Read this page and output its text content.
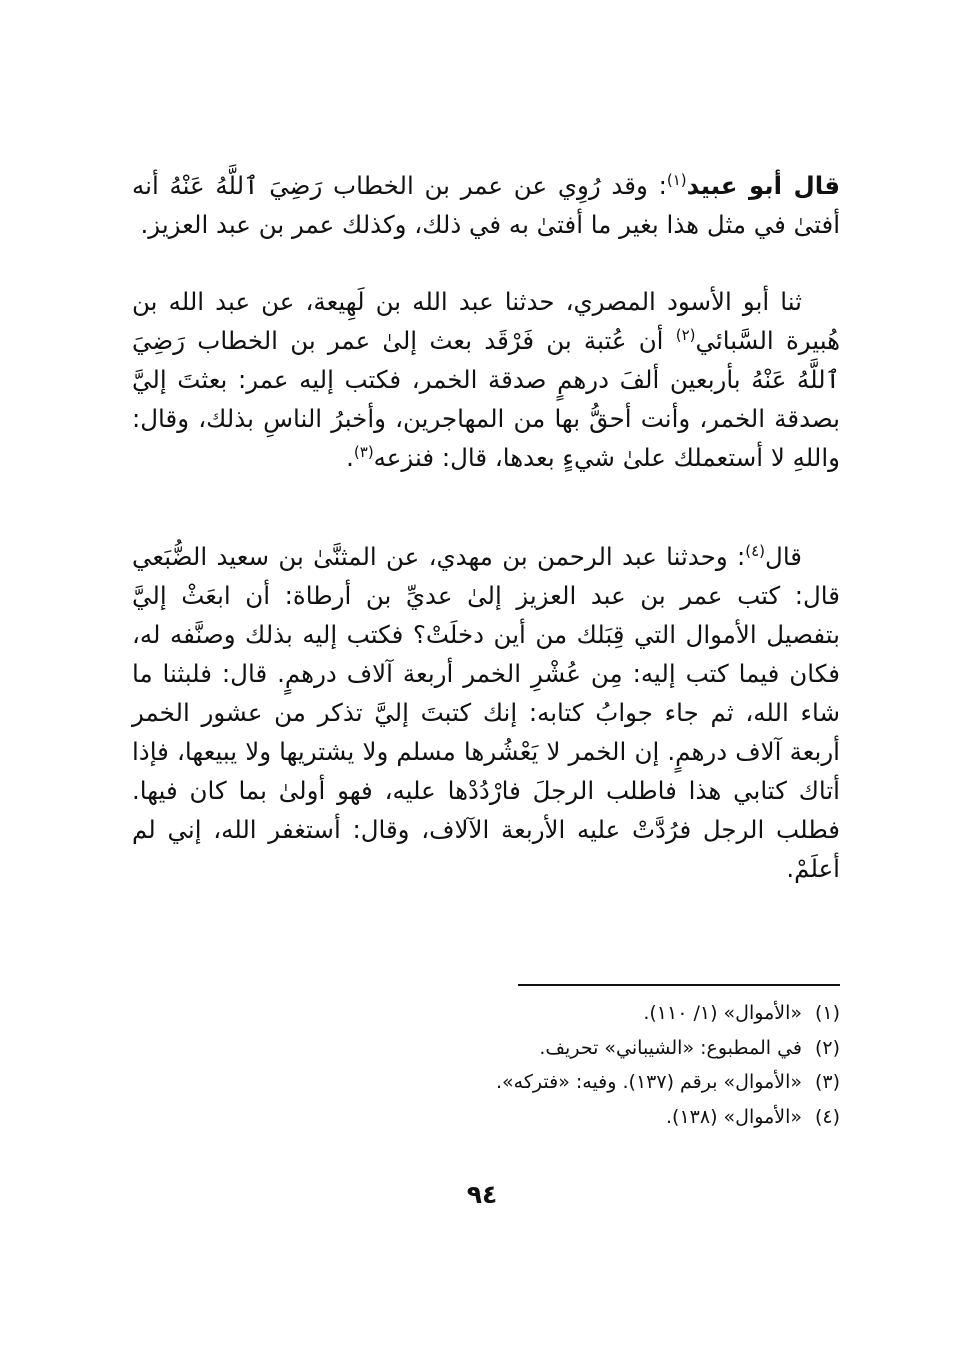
قال أبو عبيد$^{(١)}$: وقد رُوِي عن عمر بن الخطاب رَضِيَ ٱللَّهُ عَنْهُ أنه أفتىٰ في مثل هذا بغير ما أفتىٰ به في ذلك، وكذلك عمر بن عبد العزيز.

ثنا أبو الأسود المصري، حدثنا عبد الله بن لَهِيعة، عن عبد الله بن هُبيرة السَّبائي$^{(٢)}$ أن عُتبة بن فَرْقَد بعث إلىٰ عمر بن الخطاب رَضِيَ ٱللَّهُ عَنْهُ بأربعين ألفَ درهمٍ صدقة الخمر، فكتب إليه عمر: بعثتَ إليَّ بصدقة الخمر، وأنت أحقُّ بها من المهاجرين، وأخبرُ الناسِ بذلك، وقال: واللهِ لا أستعملك علىٰ شيءٍ بعدها، قال: فنزعه$^{(٣)}$.

قال$^{(٤)}$: وحدثنا عبد الرحمن بن مهدي، عن المثنَّىٰ بن سعيد الضُّبَعي قال: كتب عمر بن عبد العزيز إلىٰ عديِّ بن أرطاة: أن ابعَثْ إليَّ بتفصيل الأموال التي قِبَلك من أين دخلَتْ؟ فكتب إليه بذلك وصنَّفه له، فكان فيما كتب إليه: مِن عُشْرِ الخمر أربعة آلاف درهمٍ. قال: فلبثنا ما شاء الله، ثم جاء جوابُ كتابه: إنك كتبتَ إليَّ تذكر من عشور الخمر أربعة آلاف درهمٍ. إن الخمر لا يَعْشُرها مسلم ولا يشتريها ولا يبيعها، فإذا أتاك كتابي هذا فاطلب الرجلَ فارْدُدْها عليه، فهو أولىٰ بما كان فيها. فطلب الرجل فرُدَّتْ عليه الأربعة الآلاف، وقال: أستغفر الله، إني لم أعلَمْ.

(١)«الأموال» (١/ ١١٠).
(٢)في المطبوع: «الشيباني» تحريف.
(٣)«الأموال» برقم (١٣٧). وفيه: «فتركه».
(٤)«الأموال» (١٣٨).
٩٤
